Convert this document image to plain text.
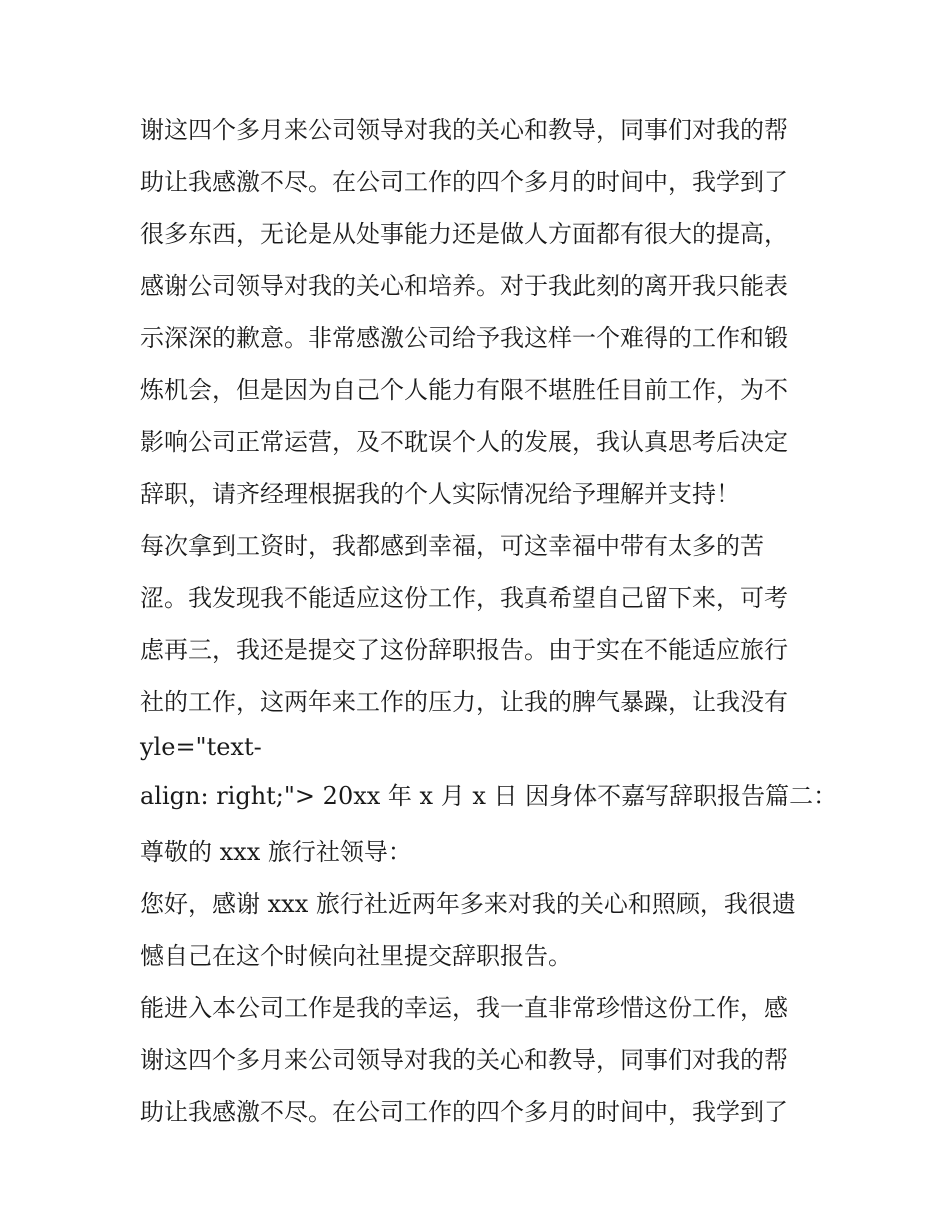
谢这四个多月来公司领导对我的关心和教导，同事们对我的帮
助让我感激不尽。在公司工作的四个多月的时间中，我学到了
很多东西，无论是从处事能力还是做人方面都有很大的提高，
感谢公司领导对我的关心和培养。对于我此刻的离开我只能表
示深深的歉意。非常感激公司给予我这样一个难得的工作和锻
炼机会，但是因为自己个人能力有限不堪胜任目前工作，为不
影响公司正常运营，及不耽误个人的发展，我认真思考后决定
辞职，请齐经理根据我的个人实际情况给予理解并支持！
每次拿到工资时，我都感到幸福，可这幸福中带有太多的苦
涩。我发现我不能适应这份工作，我真希望自己留下来，可考
虑再三，我还是提交了这份辞职报告。由于实在不能适应旅行
社的工作，这两年来工作的压力，让我的脾气暴躁，让我没有
yle="text-
align: right;"> 20xx 年 x 月 x 日 因身体不嘉写辞职报告篇二：
尊敬的 xxx 旅行社领导：
您好，感谢 xxx 旅行社近两年多来对我的关心和照顾，我很遗
憾自己在这个时候向社里提交辞职报告。
能进入本公司工作是我的幸运，我一直非常珍惜这份工作，感
谢这四个多月来公司领导对我的关心和教导，同事们对我的帮
助让我感激不尽。在公司工作的四个多月的时间中，我学到了
